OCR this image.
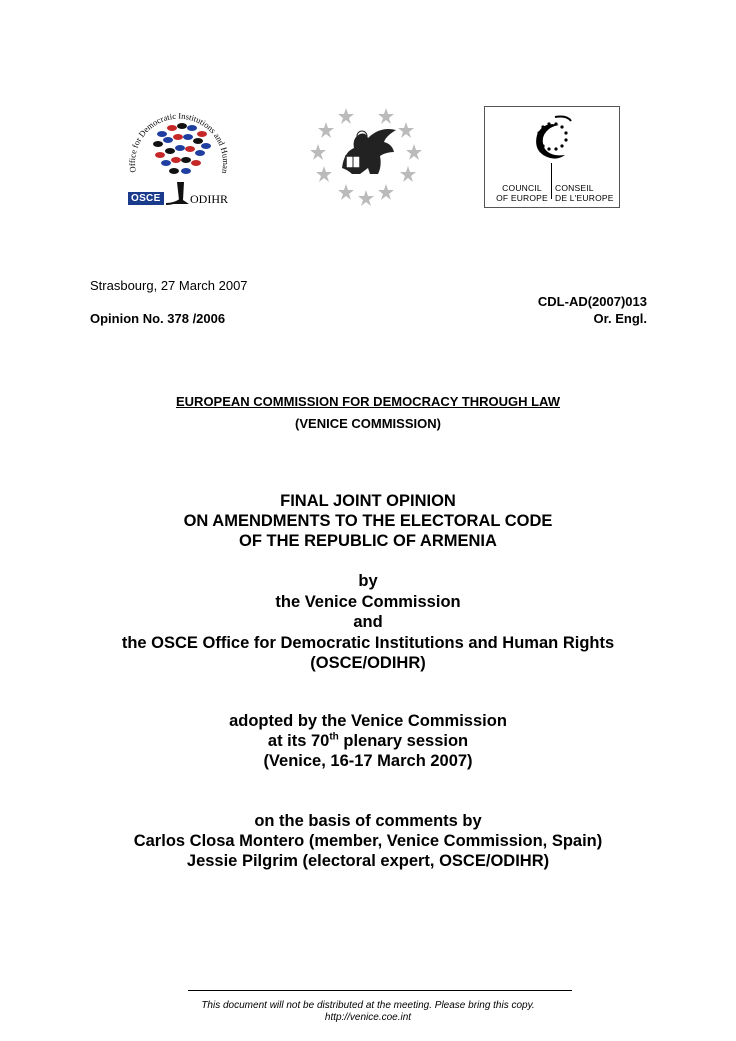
Office for Democratic Institutions and Human
OSCE ODIHR
COUNCIL
OF EUROPE
CONSEIL
DE L'EUROPE
Strasbourg, 27 March 2007
CDL-AD(2007)013
Opinion No. 378 /2006	Or. Engl.
EUROPEAN COMMISSION FOR DEMOCRACY THROUGH LAW
(VENICE COMMISSION)
FINAL JOINT OPINION
ON AMENDMENTS TO THE ELECTORAL CODE
OF THE REPUBLIC OF ARMENIA
by
the Venice Commission
and
the OSCE Office for Democratic Institutions and Human Rights
(OSCE/ODIHR)
adopted by the Venice Commission
at its 70th plenary session
(Venice, 16-17 March 2007)
on the basis of comments by
Carlos Closa Montero (member, Venice Commission, Spain)
Jessie Pilgrim (electoral expert, OSCE/ODIHR)
This document will not be distributed at the meeting. Please bring this copy.
http://venice.coe.int
